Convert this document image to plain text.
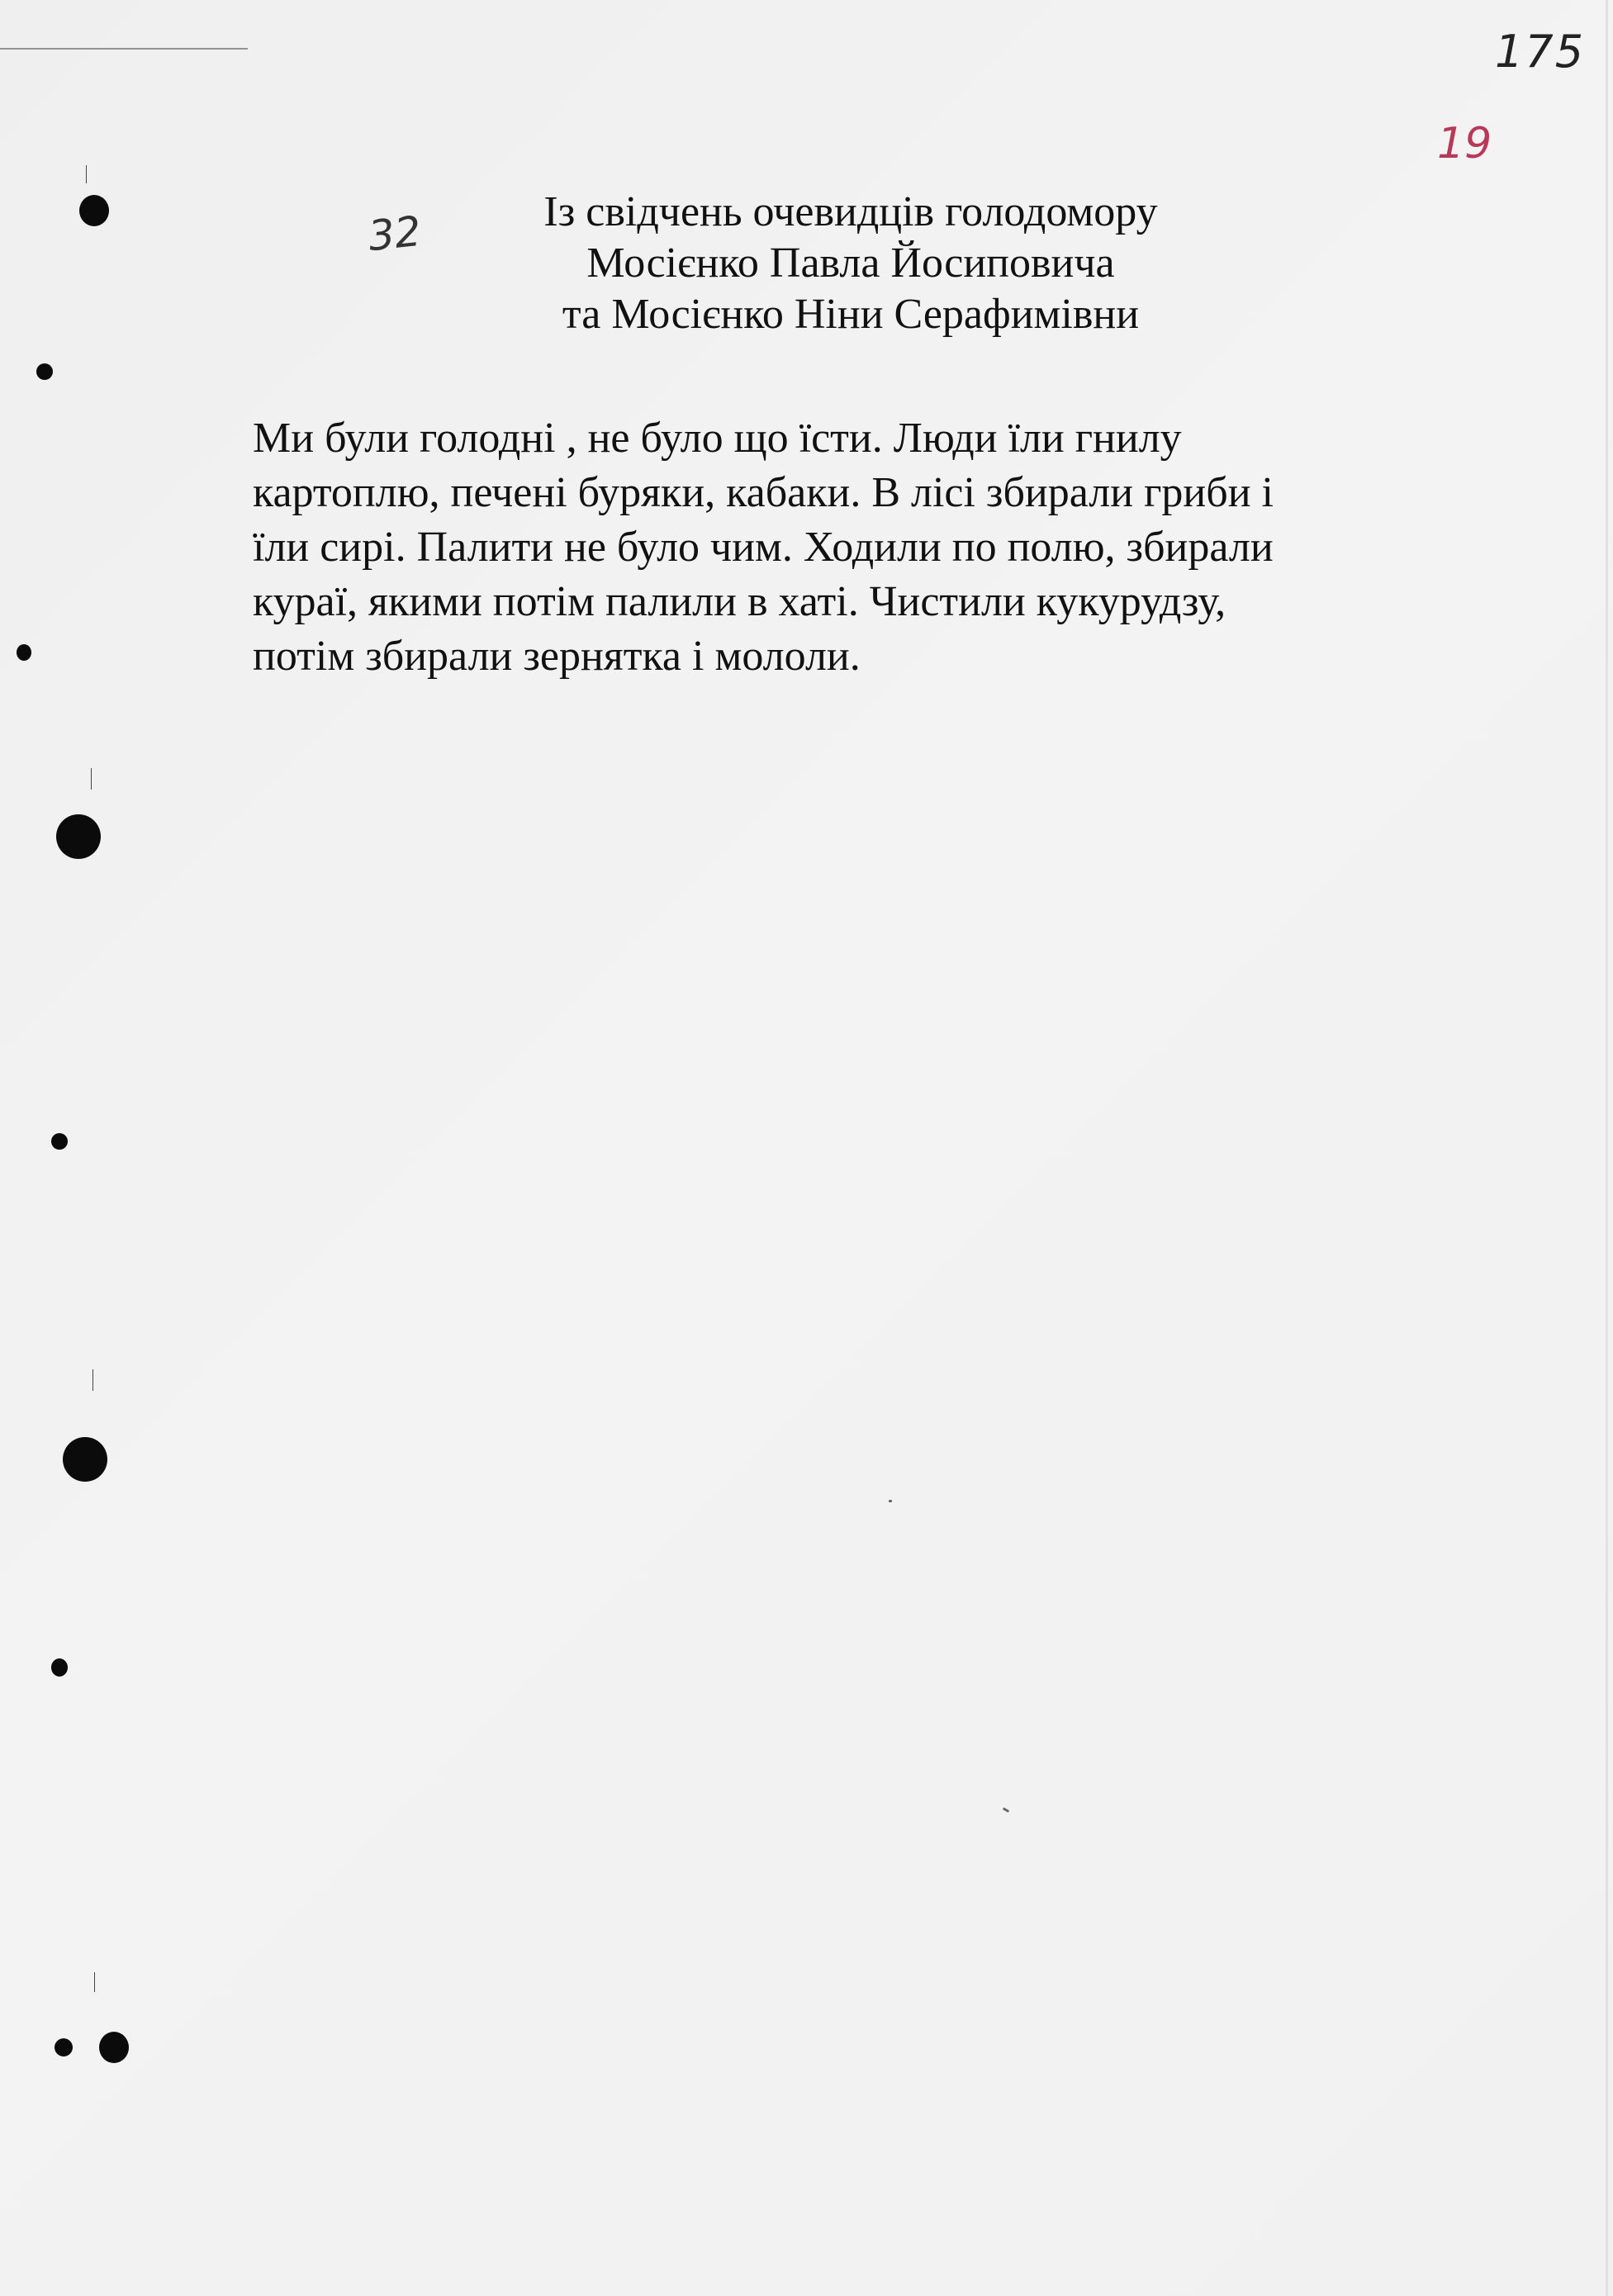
175
19
32	Із свідчень очевидців голодомору
Мосієнко Павла Йосиповича
та Мосієнко Ніни Серафимівни

Ми були голодні , не було що їсти. Люди їли гнилу
картоплю, печені буряки, кабаки. В лісі збирали гриби і
їли сирі. Палити не було чим. Ходили по полю, збирали
кураї, якими потім палили в хаті. Чистили кукурудзу,
потім збирали зернятка і мололи.
